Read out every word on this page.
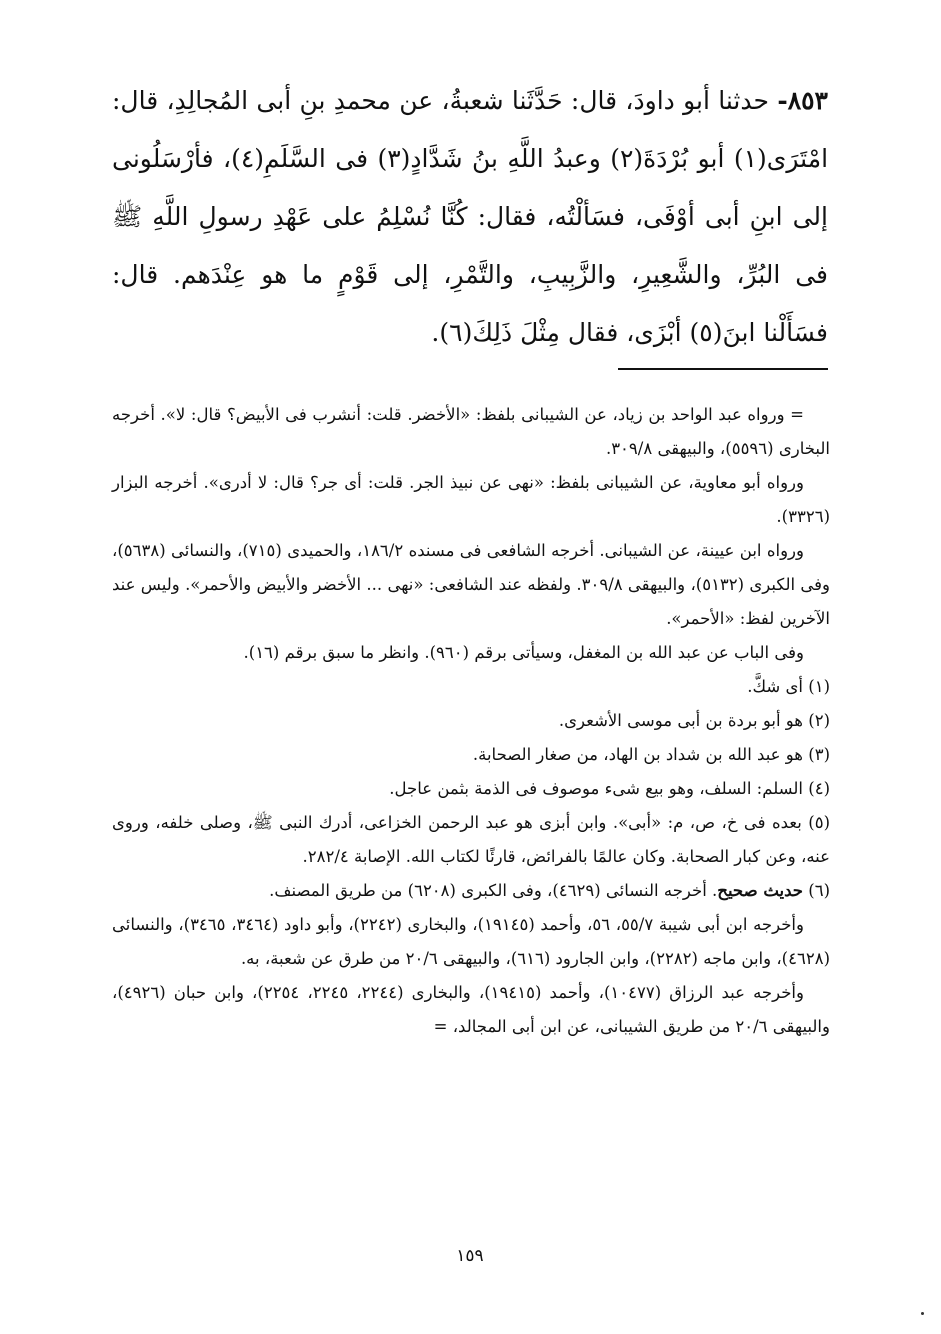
٨٥٣- حدثنا أبو داودَ، قال: حَدَّثَنا شعبةُ، عن محمدِ بنِ أبى المُجالِدِ، قال: امْتَرَى(١) أبو بُرْدَةَ(٢) وعبدُ اللَّهِ بنُ شَدَّادٍ(٣) فى السَّلَمِ(٤)، فأرْسَلُونى إلى ابنِ أبى أوْفَى، فسَألْتُه، فقال: كُنَّا نُسْلِمُ على عَهْدِ رسولِ اللَّهِ ﷺ فى البُرِّ، والشَّعِيرِ، والزَّبِيبِ، والتَّمْرِ، إلى قَوْمٍ ما هو عِنْدَهم. قال: فسَأَلْنا ابنَ(٥) أبْزَى، فقال مِثْلَ ذَلِكَ(٦).

= ورواه عبد الواحد بن زياد، عن الشيبانى بلفظ: «الأخضر. قلت: أنشرب فى الأبيض؟ قال: لا». أخرجه البخارى (٥٥٩٦)، والبيهقى ٣٠٩/٨.

ورواه أبو معاوية، عن الشيبانى بلفظ: «نهى عن نبيذ الجر. قلت: أى جر؟ قال: لا أدرى». أخرجه البزار (٣٣٢٦).

ورواه ابن عيينة، عن الشيبانى. أخرجه الشافعى فى مسنده ١٨٦/٢، والحميدى (٧١٥)، والنسائى (٥٦٣٨)، وفى الكبرى (٥١٣٢)، والبيهقى ٣٠٩/٨. ولفظه عند الشافعى: «نهى ... الأخضر والأبيض والأحمر». وليس عند الآخرين لفظ: «الأحمر».

وفى الباب عن عبد الله بن المغفل، وسيأتى برقم (٩٦٠). وانظر ما سبق برقم (١٦).

(١) أى شكَّ.

(٢) هو أبو بردة بن أبى موسى الأشعرى.

(٣) هو عبد الله بن شداد بن الهاد، من صغار الصحابة.

(٤) السلم: السلف، وهو بيع شىء موصوف فى الذمة بثمن عاجل.

(٥) بعده فى خ، ص، م: «أبى». وابن أبزى هو عبد الرحمن الخزاعى، أدرك النبى ﷺ، وصلى خلفه، وروى عنه، وعن كبار الصحابة. وكان عالمًا بالفرائض، قارئًا لكتاب الله. الإصابة ٢٨٢/٤.

(٦) حديث صحيح. أخرجه النسائى (٤٦٢٩)، وفى الكبرى (٦٢٠٨) من طريق المصنف.

وأخرجه ابن أبى شيبة ٥٥/٧، ٥٦، وأحمد (١٩١٤٥)، والبخارى (٢٢٤٢)، وأبو داود (٣٤٦٤، ٣٤٦٥)، والنسائى (٤٦٢٨)، وابن ماجه (٢٢٨٢)، وابن الجارود (٦١٦)، والبيهقى ٢٠/٦ من طرق عن شعبة، به.

وأخرجه عبد الرزاق (١٠٤٧٧)، وأحمد (١٩٤١٥)، والبخارى (٢٢٤٤، ٢٢٤٥، ٢٢٥٤)، وابن حبان (٤٩٢٦)، والبيهقى ٢٠/٦ من طريق الشيبانى، عن ابن أبى المجالد، =

١٥٩
